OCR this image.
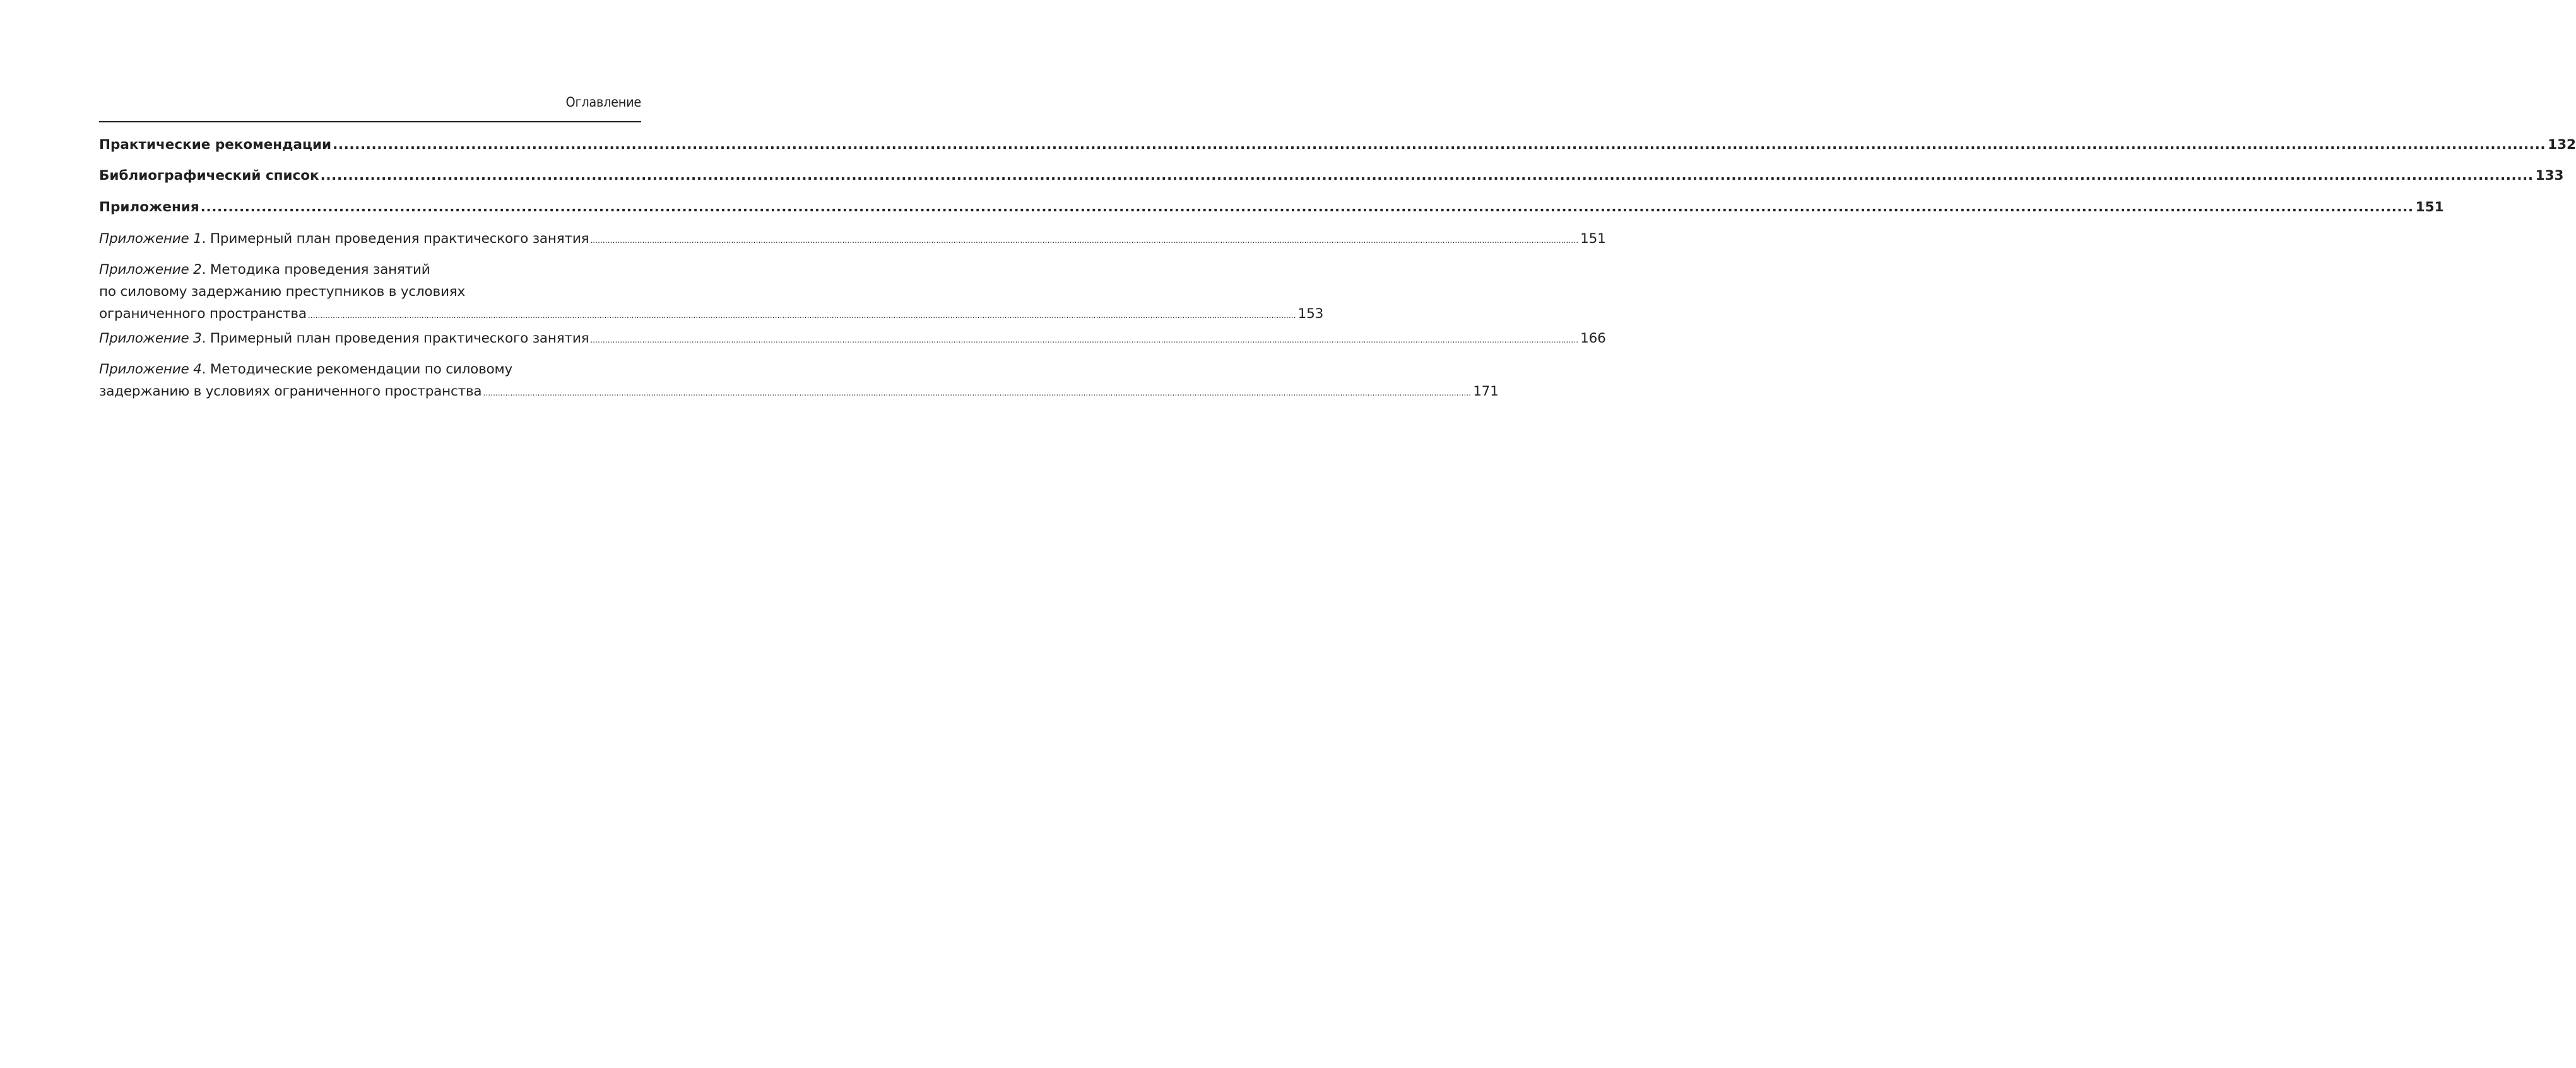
Оглавление
Практические рекомендации ................................................................................................................................................................................................................................................................................................................................................................................................................ 132
Библиографический список ................................................................................................................................................................................................................................................................................................................................................................................................................ 133
Приложения ................................................................................................................................................................................................................................................................................................................................................................................................................ 151
Приложение 1. Примерный план проведения практического занятия ................................................................................................................................................................................................................................................................................................................................................................................................................ 151
Приложение 2. Методика проведения занятий
по силовому задержанию преступников в условиях
ограниченного пространства ................................................................................................................................................................................................................................................................................................................................................................................................................ 153
Приложение 3. Примерный план проведения практического занятия ................................................................................................................................................................................................................................................................................................................................................................................................................ 166
Приложение 4. Методические рекомендации по силовому
задержанию в условиях ограниченного пространства ................................................................................................................................................................................................................................................................................................................................................................................................................ 171
